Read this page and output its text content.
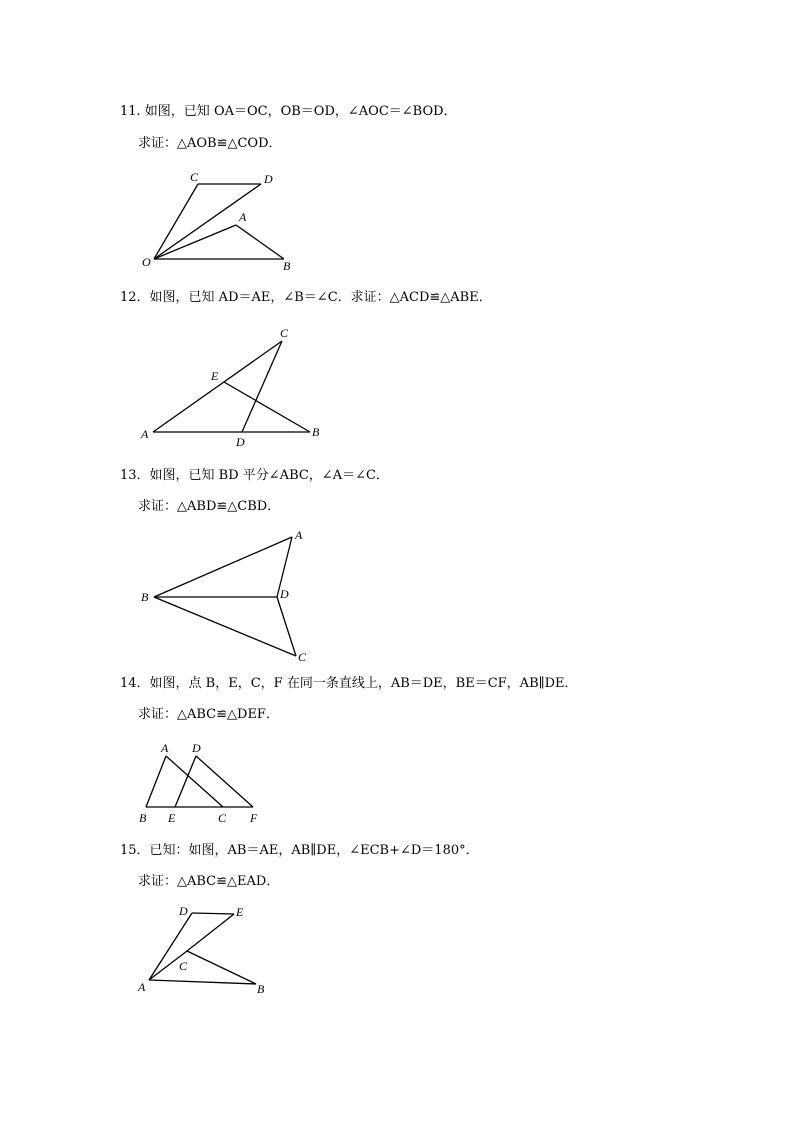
11. 如图，已知 OA＝OC，OB＝OD，∠AOC＝∠BOD．
求证：△AOB≌△COD．
C	D
A
O	B
12．如图，已知 AD＝AE，∠B＝∠C．求证：△ACD≌△ABE．
C
E
A
D
B
13．如图，已知 BD 平分∠ABC，∠A＝∠C．
求证：△ABD≌△CBD．
A
B	D
C
14．如图，点 B，E，C，F 在同一条直线上，AB＝DE，BE＝CF，AB∥DE．
求证：△ABC≌△DEF．
A D
B E	C F
15．已知：如图，AB＝AE，AB∥DE，∠ECB+∠D＝180°．
求证：△ABC≌△EAD．
D	E
C
A	B
